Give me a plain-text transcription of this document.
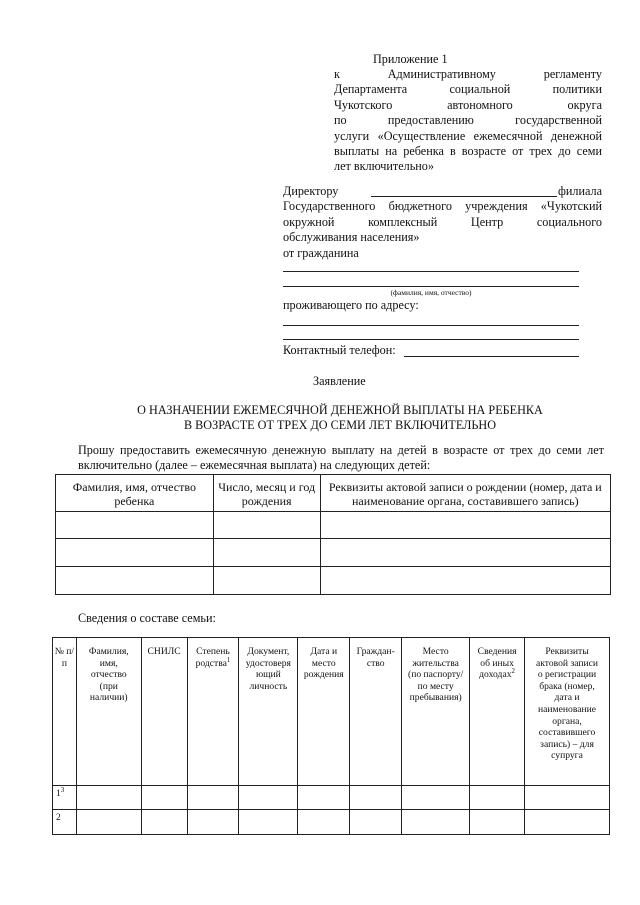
Приложение 1
к Административному регламенту
Департамента социальной политики
Чукотского автономного округа
по предоставлению государственной
услуги «Осуществление ежемесячной денежной
выплаты на ребенка в возрасте от трех до семи
лет включительно»
Директору	филиала
Государственного бюджетного учреждения «Чукотский
окружной комплексный Центр социального
обслуживания населения»
от гражданина
(фамилия, имя, отчество)
проживающего по адресу:
Контактный телефон:
Заявление
О НАЗНАЧЕНИИ ЕЖЕМЕСЯЧНОЙ ДЕНЕЖНОЙ ВЫПЛАТЫ НА РЕБЕНКА
В ВОЗРАСТЕ ОТ ТРЕХ ДО СЕМИ ЛЕТ ВКЛЮЧИТЕЛЬНО
Прошу предоставить ежемесячную денежную выплату на детей в возрасте от трех до семи лет
включительно (далее – ежемесячная выплата) на следующих детей:
Фамилия, имя, отчество ребенка	Число, месяц и год рождения	Реквизиты актовой записи о рождении (номер, дата и наименование органа, составившего запись)

Сведения о составе семьи:
№ п/п	Фамилия, имя, отчество (при наличии)	СНИЛС	Степень родства$^1$	Документ, удостоверя ющий личность	Дата и место рождения	Граждан- ство	Место жительства (по паспорту/по месту пребывания)	Сведения об иных доходах$^2$	Реквизиты актовой записи о регистрации брака (номер, дата и наименование органа, составившего запись) – для супруга
$1^3$									
2									
